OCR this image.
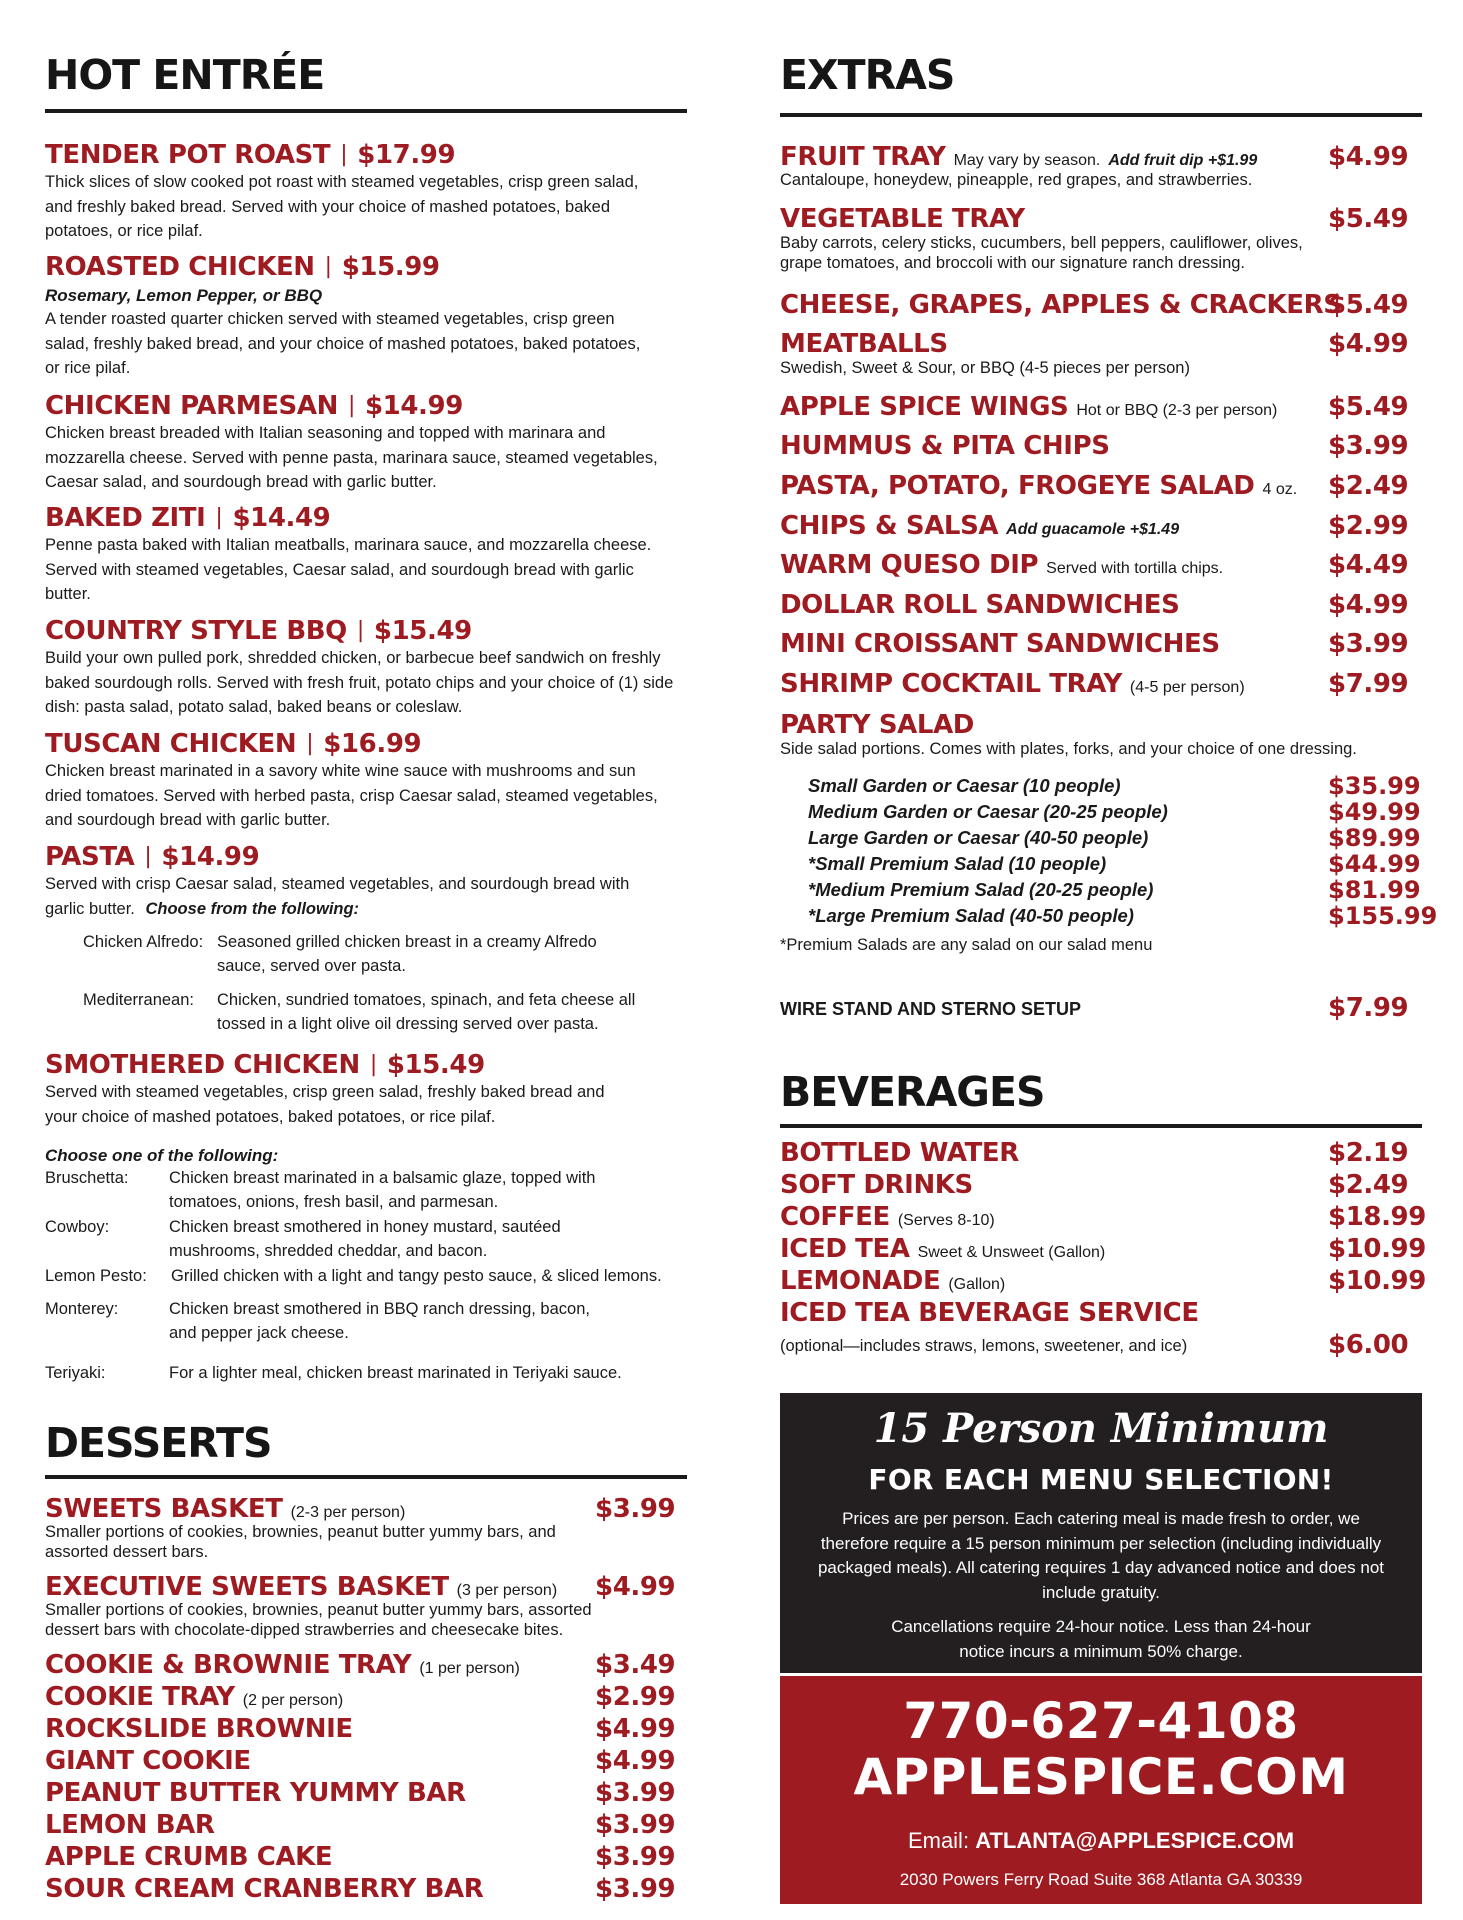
HOT ENTRÉE
TENDER POT ROAST | $17.99
Thick slices of slow cooked pot roast with steamed vegetables, crisp green salad, and freshly baked bread. Served with your choice of mashed potatoes, baked potatoes, or rice pilaf.
ROASTED CHICKEN | $15.99
Rosemary, Lemon Pepper, or BBQ
A tender roasted quarter chicken served with steamed vegetables, crisp green salad, freshly baked bread, and your choice of mashed potatoes, baked potatoes, or rice pilaf.
CHICKEN PARMESAN | $14.99
Chicken breast breaded with Italian seasoning and topped with marinara and mozzarella cheese. Served with penne pasta, marinara sauce, steamed vegetables, Caesar salad, and sourdough bread with garlic butter.
BAKED ZITI | $14.49
Penne pasta baked with Italian meatballs, marinara sauce, and mozzarella cheese. Served with steamed vegetables, Caesar salad, and sourdough bread with garlic butter.
COUNTRY STYLE BBQ | $15.49
Build your own pulled pork, shredded chicken, or barbecue beef sandwich on freshly baked sourdough rolls. Served with fresh fruit, potato chips and your choice of (1) side dish: pasta salad, potato salad, baked beans or coleslaw.
TUSCAN CHICKEN | $16.99
Chicken breast marinated in a savory white wine sauce with mushrooms and sun dried tomatoes. Served with herbed pasta, crisp Caesar salad, steamed vegetables, and sourdough bread with garlic butter.
PASTA | $14.99
Served with crisp Caesar salad, steamed vegetables, and sourdough bread with garlic butter. Choose from the following:
Chicken Alfredo: Seasoned grilled chicken breast in a creamy Alfredo sauce, served over pasta.
Mediterranean: Chicken, sundried tomatoes, spinach, and feta cheese all tossed in a light olive oil dressing served over pasta.
SMOTHERED CHICKEN | $15.49
Served with steamed vegetables, crisp green salad, freshly baked bread and your choice of mashed potatoes, baked potatoes, or rice pilaf.
Choose one of the following:
Bruschetta: Chicken breast marinated in a balsamic glaze, topped with tomatoes, onions, fresh basil, and parmesan.
Cowboy:	Chicken breast smothered in honey mustard, sautéed mushrooms, shredded cheddar, and bacon.
Lemon Pesto: Grilled chicken with a light and tangy pesto sauce, & sliced lemons.
Monterey:	Chicken breast smothered in BBQ ranch dressing, bacon, and pepper jack cheese.
Teriyaki:	For a lighter meal, chicken breast marinated in Teriyaki sauce.
DESSERTS
SWEETS BASKET (2-3 per person)	$3.99
Smaller portions of cookies, brownies, peanut butter yummy bars, and assorted dessert bars.
EXECUTIVE SWEETS BASKET (3 per person) $4.99
Smaller portions of cookies, brownies, peanut butter yummy bars, assorted dessert bars with chocolate-dipped strawberries and cheesecake bites.
COOKIE & BROWNIE TRAY (1 per person)	$3.49
COOKIE TRAY (2 per person)	$2.99
ROCKSLIDE BROWNIE	$4.99
GIANT COOKIE	$4.99
PEANUT BUTTER YUMMY BAR	$3.99
LEMON BAR	$3.99
APPLE CRUMB CAKE	$3.99
SOUR CREAM CRANBERRY BAR	$3.99
EXTRAS
FRUIT TRAY May vary by season. Add fruit dip +$1.99	$4.99
Cantaloupe, honeydew, pineapple, red grapes, and strawberries.
VEGETABLE TRAY	$5.49
Baby carrots, celery sticks, cucumbers, bell peppers, cauliflower, olives, grape tomatoes, and broccoli with our signature ranch dressing.
CHEESE, GRAPES, APPLES & CRACKERS
$5.49
MEATBALLS	$4.99
Swedish, Sweet & Sour, or BBQ (4-5 pieces per person)
APPLE SPICE WINGS Hot or BBQ (2-3 per person) $5.49
HUMMUS & PITA CHIPS	$3.99
PASTA, POTATO, FROGEYE SALAD 4 oz. $2.49
CHIPS & SALSA Add guacamole +$1.49	$2.99
WARM QUESO DIP Served with tortilla chips.	$4.49
DOLLAR ROLL SANDWICHES	$4.99
MINI CROISSANT SANDWICHES	$3.99
SHRIMP COCKTAIL TRAY (4-5 per person)	$7.99
PARTY SALAD
Side salad portions. Comes with plates, forks, and your choice of one dressing.
Small Garden or Caesar (10 people)	$35.99
Medium Garden or Caesar (20-25 people)	$49.99
Large Garden or Caesar (40-50 people)	$89.99
*Small Premium Salad (10 people)	$44.99
*Medium Premium Salad (20-25 people)	$81.99
*Large Premium Salad (40-50 people)	$155.99
*Premium Salads are any salad on our salad menu
WIRE STAND AND STERNO SETUP	$7.99
BEVERAGES
BOTTLED WATER	$2.19
SOFT DRINKS	$2.49
COFFEE (Serves 8-10)	$18.99
ICED TEA Sweet & Unsweet (Gallon)	$10.99
LEMONADE (Gallon)	$10.99
ICED TEA BEVERAGE SERVICE
(optional—includes straws, lemons, sweetener, and ice)	$6.00
15 Person Minimum
FOR EACH MENU SELECTION!
Prices are per person. Each catering meal is made fresh to order, we therefore require a 15 person minimum per selection (including individually packaged meals). All catering requires 1 day advanced notice and does not include gratuity.
Cancellations require 24-hour notice. Less than 24-hour notice incurs a minimum 50% charge.
770-627-4108
APPLESPICE.COM
Email: ATLANTA@APPLESPICE.COM
2030 Powers Ferry Road Suite 368 Atlanta GA 30339
